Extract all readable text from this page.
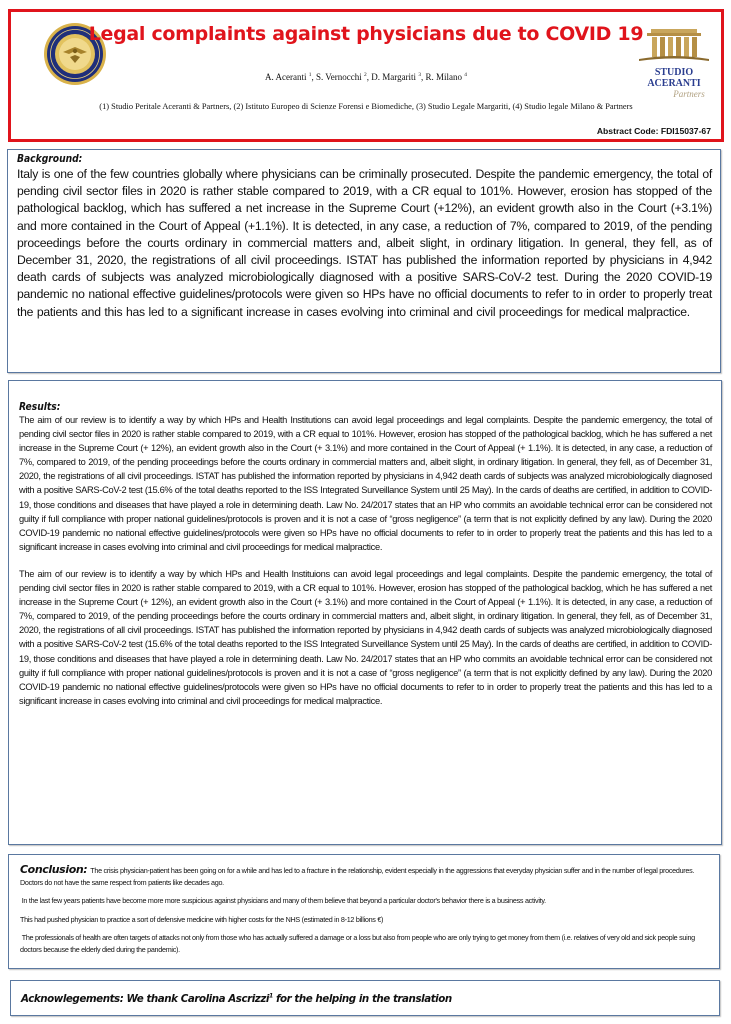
Legal complaints against physicians due to COVID 19
A. Aceranti $^1$, S. Vernocchi $^2$, D. Margariti $^3$, R. Milano $^4$
(1) Studio Peritale Aceranti & Partners, (2) Istituto Europeo di Scienze Forensi e Biomediche, (3) Studio Legale Margariti, (4) Studio legale Milano & Partners
Abstract Code: FDI15037-67
STUDIO
ACERANTI
Partners
Background:
Italy is one of the few countries globally where physicians can be criminally prosecuted. Despite the pandemic emergency, the total of pending civil sector files in 2020 is rather stable compared to 2019, with a CR equal to 101%. However, erosion has stopped of the pathological backlog, which has suffered a net increase in the Supreme Court (+12%), an evident growth also in the Court (+3.1%) and more contained in the Court of Appeal (+1.1%). It is detected, in any case, a reduction of 7%, compared to 2019, of the pending proceedings before the courts ordinary in commercial matters and, albeit slight, in ordinary litigation. In general, they fell, as of December 31, 2020, the registrations of all civil proceedings. ISTAT has published the information reported by physicians in 4,942 death cards of subjects was analyzed microbiologically diagnosed with a positive SARS-CoV-2 test. During the 2020 COVID-19 pandemic no national effective guidelines/protocols were given so HPs have no official documents to refer to in order to properly treat the patients and this has led to a significant increase in cases evolving into criminal and civil proceedings for medical malpractice.
Results:

The aim of our review is to identify a way by which HPs and Health Institutions can avoid legal proceedings and legal complaints. Despite the pandemic emergency, the total of pending civil sector files in 2020 is rather stable compared to 2019, with a CR equal to 101%. However, erosion has stopped of the pathological backlog, which he has suffered a net increase in the Supreme Court (+ 12%), an evident growth also in the Court (+ 3.1%) and more contained in the Court of Appeal (+ 1.1%). It is detected, in any case, a reduction of 7%, compared to 2019, of the pending proceedings before the courts ordinary in commercial matters and, albeit slight, in ordinary litigation. In general, they fell, as of December 31, 2020, the registrations of all civil proceedings. ISTAT has published the information reported by physicians in 4,942 death cards of subjects was analyzed microbiologically diagnosed with a positive SARS-CoV-2 test (15.6% of the total deaths reported to the ISS Integrated Surveillance System until 25 May). In the cards of deaths are certified, in addition to COVID-19, those conditions and diseases that have played a role in determining death. Law No. 24/2017 states that an HP who commits an avoidable technical error can be considered not guilty if full compliance with proper national guidelines/protocols is proven and it is not a case of “gross negligence” (a term that is not explicitly defined by any law). During the 2020 COVID-19 pandemic no national effective guidelines/protocols were given so HPs have no official documents to refer to in order to properly treat the patients and this has led to a significant increase in cases evolving into criminal and civil proceedings for medical malpractice.

The aim of our review is to identify a way by which HPs and Health Instituions can avoid legal proceedings and legal complaints. Despite the pandemic emergency, the total of pending civil sector files in 2020 is rather stable compared to 2019, with a CR equal to 101%. However, erosion has stopped of the pathological backlog, which he has suffered a net increase in the Supreme Court (+ 12%), an evident growth also in the Court (+ 3.1%) and more contained in the Court of Appeal (+ 1.1%). It is detected, in any case, a reduction of 7%, compared to 2019, of the pending proceedings before the courts ordinary in commercial matters and, albeit slight, in ordinary litigation. In general, they fell, as of December 31, 2020, the registrations of all civil proceedings. ISTAT has published the information reported by physicians in 4,942 death cards of subjects was analyzed microbiologically diagnosed with a positive SARS-CoV-2 test (15.6% of the total deaths reported to the ISS Integrated Surveillance System until 25 May). In the cards of deaths are certified, in addition to COVID-19, those conditions and diseases that have played a role in determining death. Law No. 24/2017 states that an HP who commits an avoidable technical error can be considered not guilty if full compliance with proper national guidelines/protocols is proven and it is not a case of “gross negligence” (a term that is not explicitly defined by any law). During the 2020 COVID-19 pandemic no national effective guidelines/protocols were given so HPs have no official documents to refer to in order to properly treat the patients and this has led to a significant increase in cases evolving into criminal and civil proceedings for medical malpractice.

Conclusion: The crisis physician-patient has been going on for a while and has led to a fracture in the relationship, evident especially in the aggressions that everyday physician suffer and in the number of legal procedures. Doctors do not have the same respect from patients like decades ago.

In the last few years patients have become more more suspicious against physicians and many of them believe that beyond a particular doctor's behavior there is a business activity.

This had pushed physician to practice a sort of defensive medicine with higher costs for the NHS (estimated in 8-12 billions €)

The professionals of health are often targets of attacks not only from those who has actually suffered a damage or a loss but also from people who are only trying to get money from them (i.e. relatives of very old and sick people suing doctors because the elderly died during the pandemic).

Acknowlegements: We thank Carolina Ascrizzi$^1$ for the helping in the translation
